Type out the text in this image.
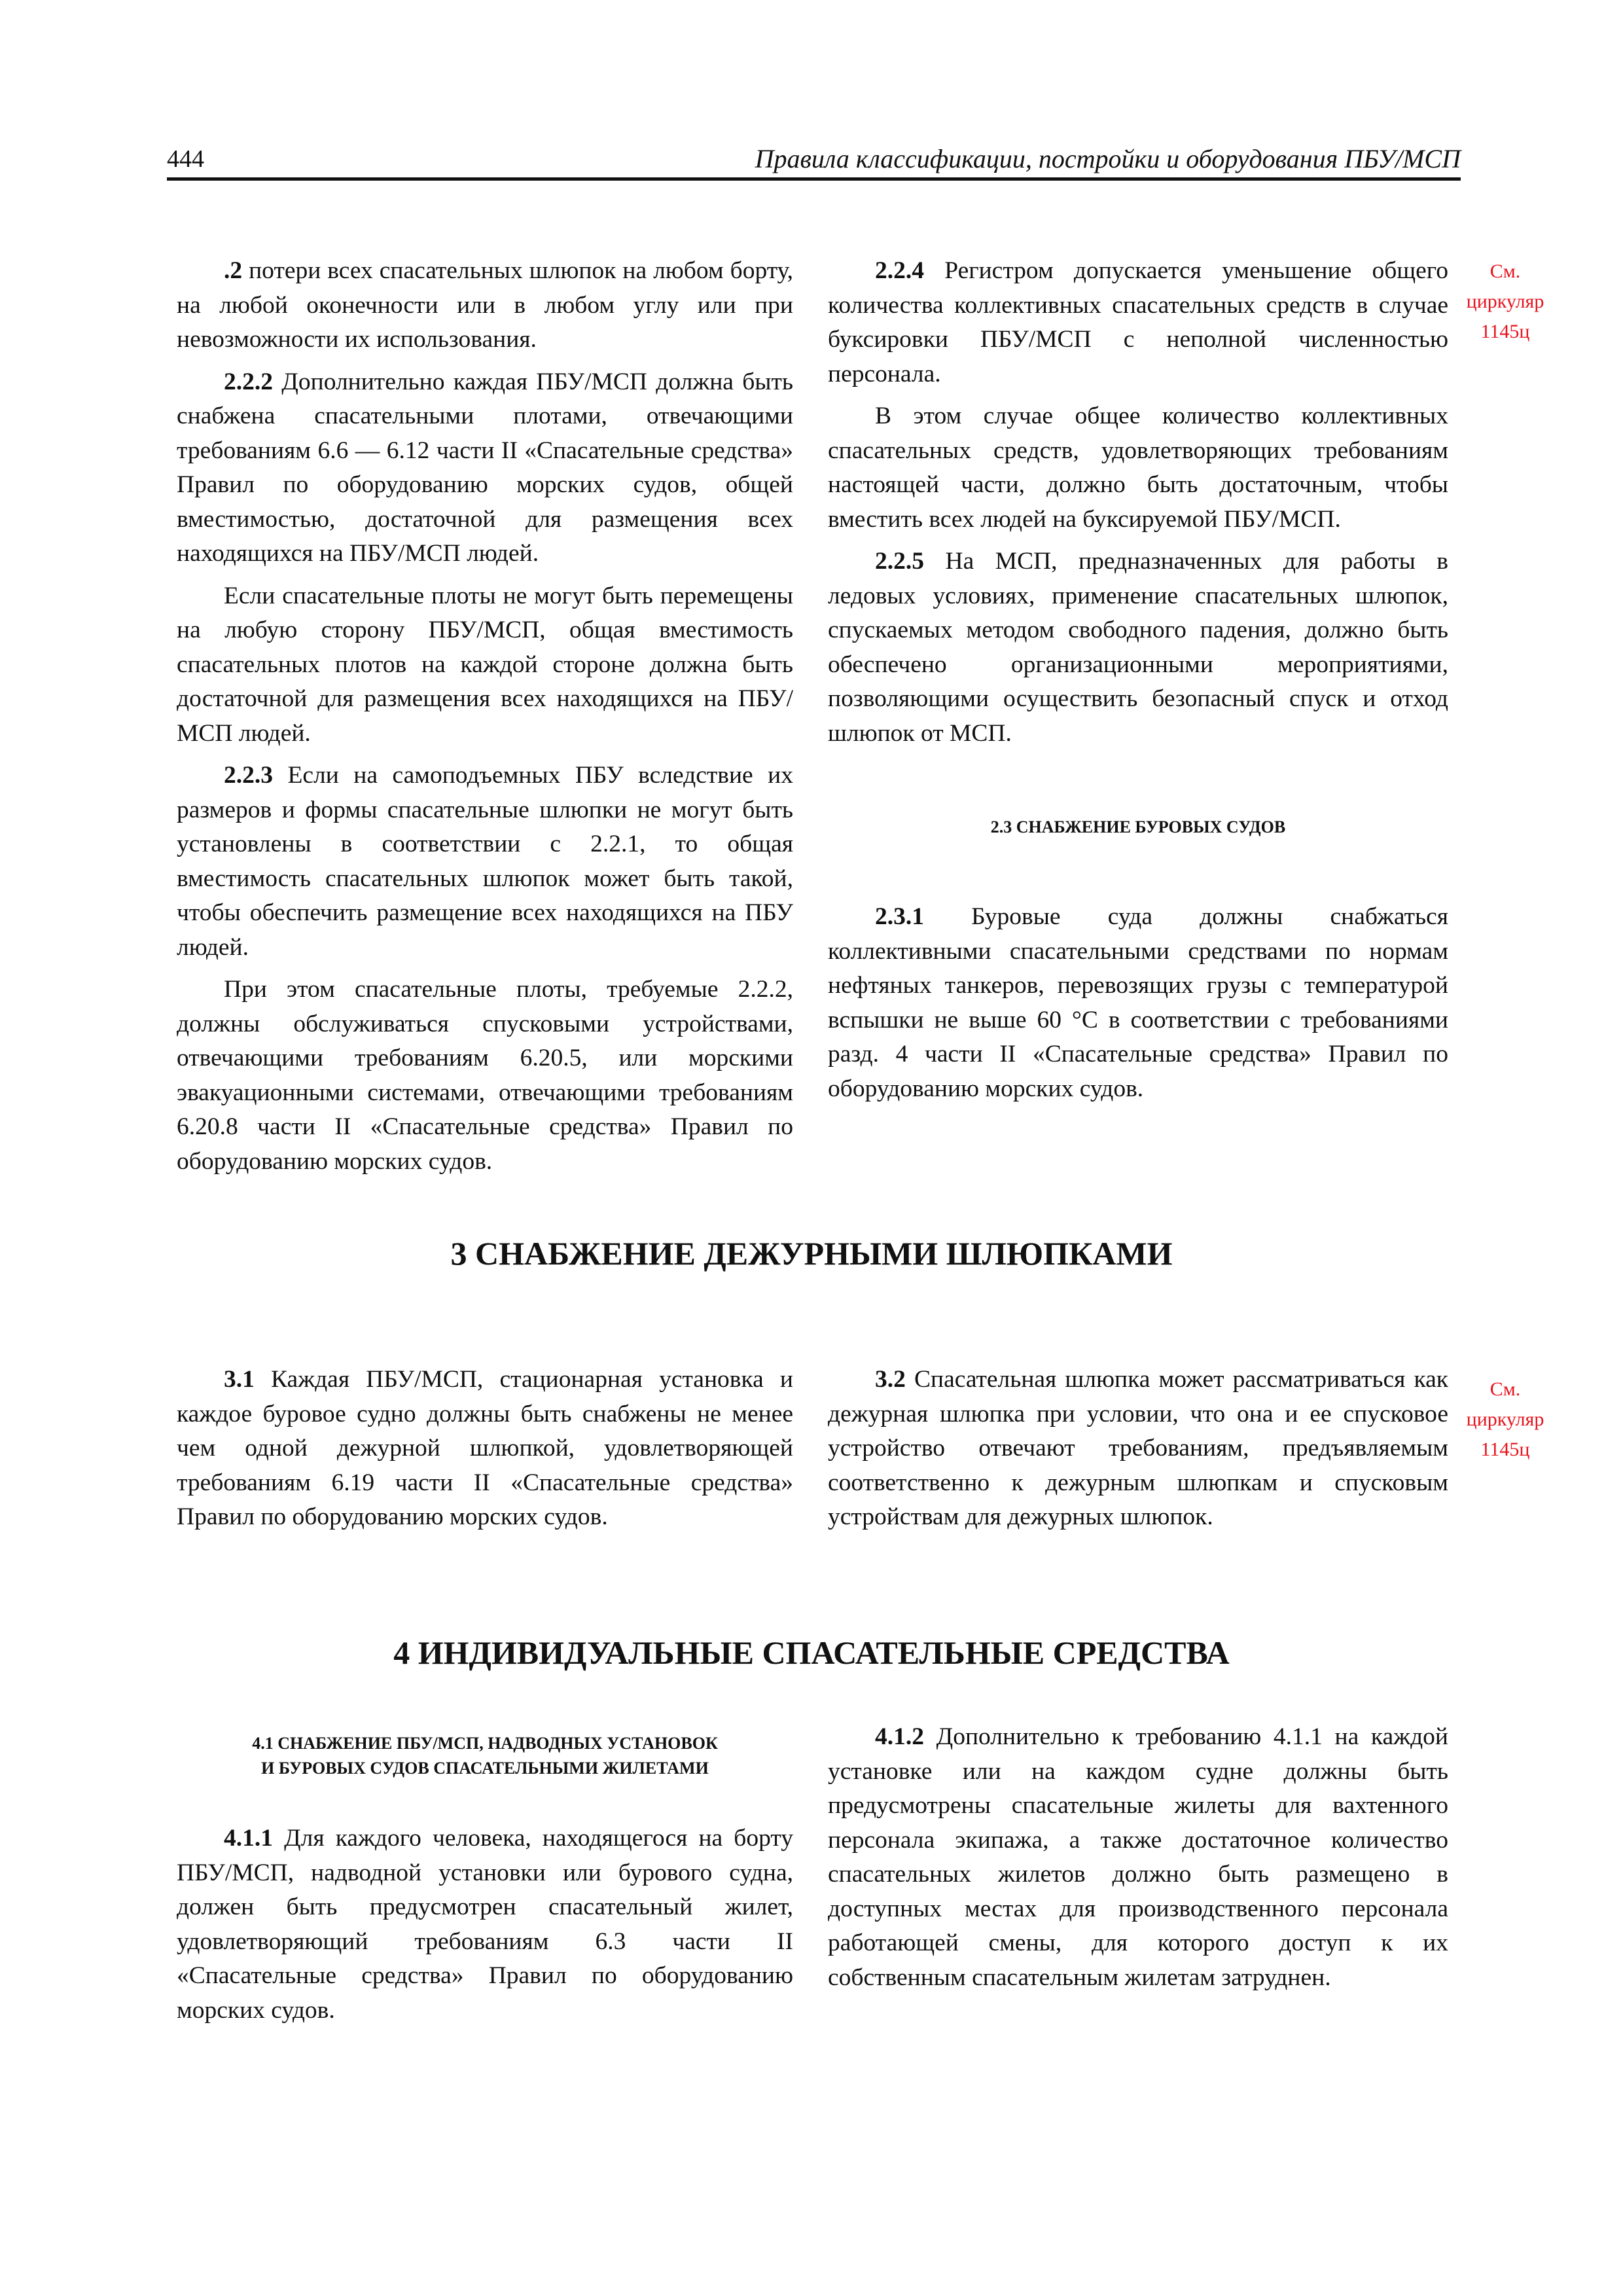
444	Правила классификации, постройки и оборудования ПБУ/МСП
См.
циркуляр
1145ц
См.
циркуляр
1145ц

.2 потери всех спасательных шлюпок на любом борту, на любой оконечности или в любом углу или при невозможности их использования.

2.2.2 Дополнительно каждая ПБУ/МСП должна быть снабжена спасательными плотами, отвечающими требованиям 6.6 — 6.12 части II «Спасательные средства» Правил по оборудованию морских судов, общей вместимостью, достаточной для размещения всех находящихся на ПБУ/МСП людей.

Если спасательные плоты не могут быть перемещены на любую сторону ПБУ/МСП, общая вместимость спасательных плотов на каждой стороне должна быть достаточной для размещения всех находящихся на ПБУ/МСП людей.

2.2.3 Если на самоподъемных ПБУ вследствие их размеров и формы спасательные шлюпки не могут быть установлены в соответствии с 2.2.1, то общая вместимость спасательных шлюпок может быть такой, чтобы обеспечить размещение всех находящихся на ПБУ людей.

При этом спасательные плоты, требуемые 2.2.2, должны обслуживаться спусковыми устройствами, отвечающими требованиям 6.20.5, или морскими эвакуационными системами, отвечающими требованиям 6.20.8 части II «Спасательные средства» Правил по оборудованию морских судов.

2.2.4 Регистром допускается уменьшение общего количества коллективных спасательных средств в случае буксировки ПБУ/МСП с неполной численностью персонала.

В этом случае общее количество коллективных спасательных средств, удовлетворяющих требованиям настоящей части, должно быть достаточным, чтобы вместить всех людей на буксируемой ПБУ/МСП.

2.2.5 На МСП, предназначенных для работы в ледовых условиях, применение спасательных шлюпок, спускаемых методом свободного падения, должно быть обеспечено организационными мероприятиями, позволяющими осуществить безопасный спуск и отход шлюпок от МСП.

2.3 СНАБЖЕНИЕ БУРОВЫХ СУДОВ

2.3.1 Буровые суда должны снабжаться коллективными спасательными средствами по нормам нефтяных танкеров, перевозящих грузы с температурой вспышки не выше 60 °С в соответствии с требованиями разд. 4 части II «Спасательные средства» Правил по оборудованию морских судов.

3 СНАБЖЕНИЕ ДЕЖУРНЫМИ ШЛЮПКАМИ

3.1 Каждая ПБУ/МСП, стационарная установка и каждое буровое судно должны быть снабжены не менее чем одной дежурной шлюпкой, удовлетворяющей требованиям 6.19 части II «Спасательные средства» Правил по оборудованию морских судов.

3.2 Спасательная шлюпка может рассматриваться как дежурная шлюпка при условии, что она и ее спусковое устройство отвечают требованиям, предъявляемым соответственно к дежурным шлюпкам и спусковым устройствам для дежурных шлюпок.

4 ИНДИВИДУАЛЬНЫЕ СПАСАТЕЛЬНЫЕ СРЕДСТВА
4.1 СНАБЖЕНИЕ ПБУ/МСП, НАДВОДНЫХ УСТАНОВОК
И БУРОВЫХ СУДОВ СПАСАТЕЛЬНЫМИ ЖИЛЕТАМИ

4.1.1 Для каждого человека, находящегося на борту ПБУ/МСП, надводной установки или бурового судна, должен быть предусмотрен спасательный жилет, удовлетворяющий требованиям 6.3 части II «Спасательные средства» Правил по оборудованию морских судов.

4.1.2 Дополнительно к требованию 4.1.1 на каждой установке или на каждом судне должны быть предусмотрены спасательные жилеты для вахтенного персонала экипажа, а также достаточное количество спасательных жилетов должно быть размещено в доступных местах для производственного персонала работающей смены, для которого доступ к их собственным спасательным жилетам затруднен.
